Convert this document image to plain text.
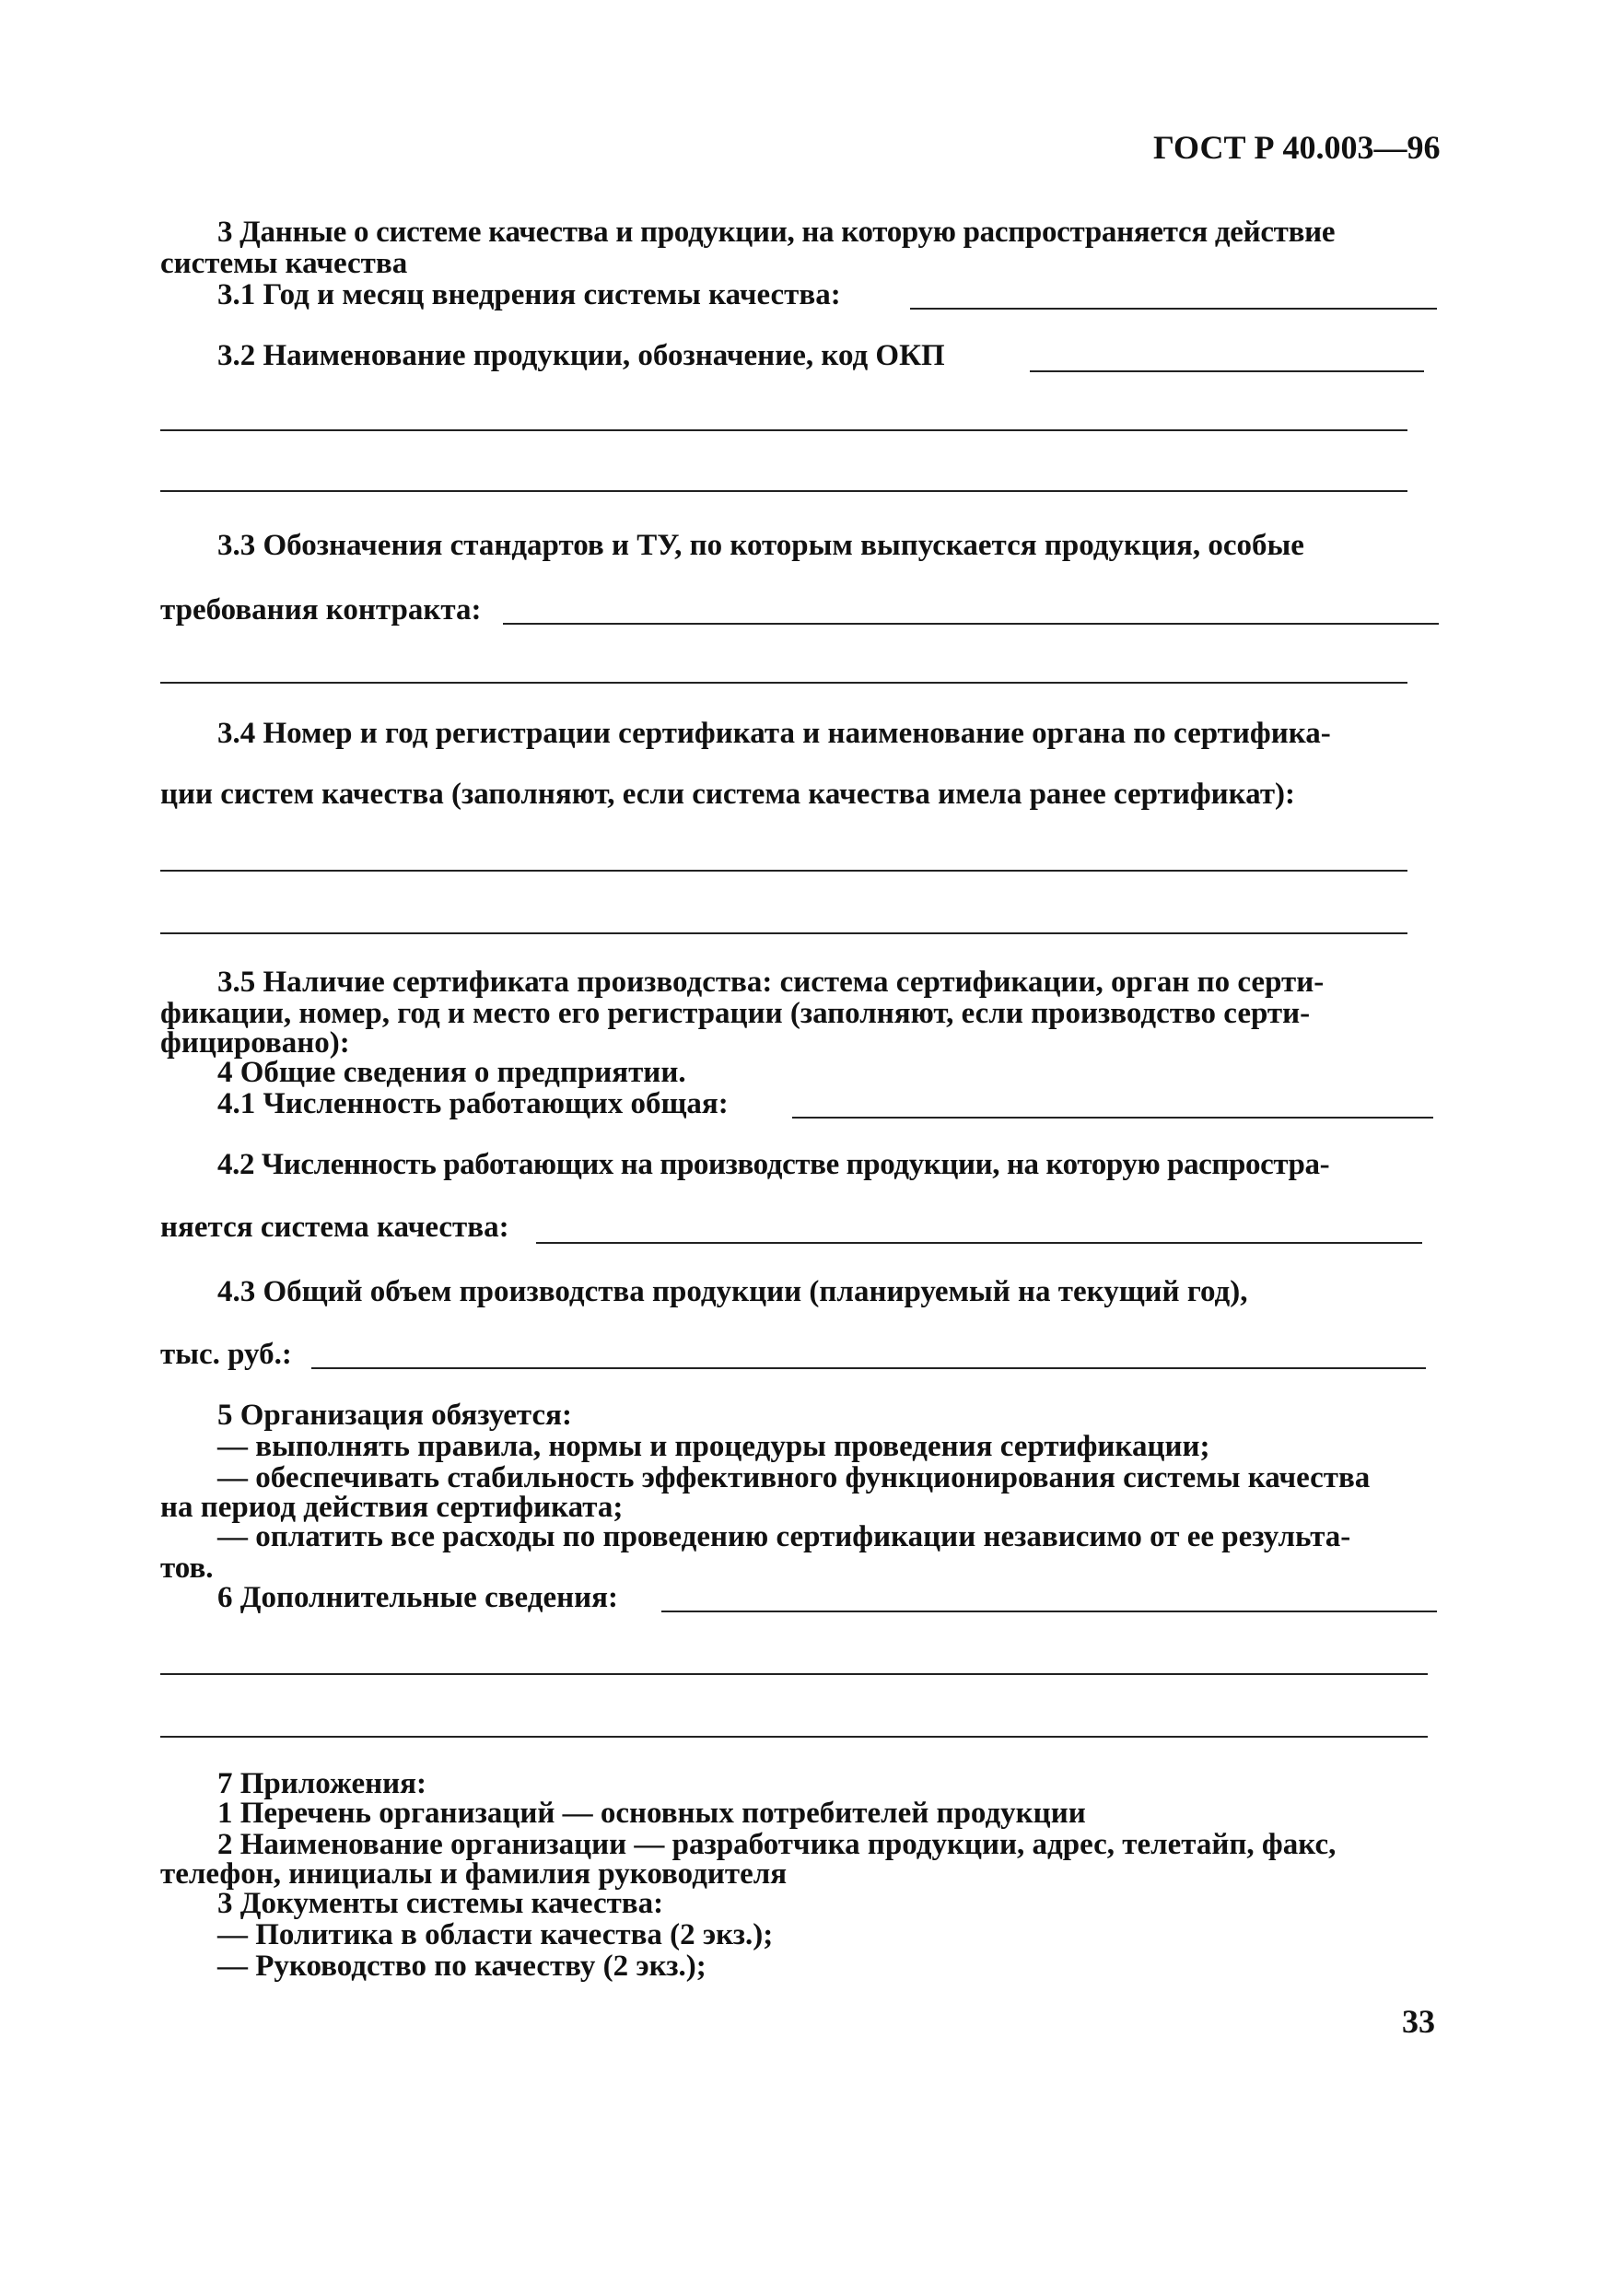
ГОСТ Р 40.003—96
3 Данные о системе качества и продукции, на которую распространяется действие
системы качества
3.1 Год и месяц внедрения системы качества:
3.2 Наименование продукции, обозначение, код ОКП
3.3 Обозначения стандартов и ТУ, по которым выпускается продукция, особые
требования контракта:
3.4 Номер и год регистрации сертификата и наименование органа по сертифика-
ции систем качества (заполняют, если система качества имела ранее сертификат):
3.5 Наличие сертификата производства: система сертификации, орган по серти-
фикации, номер, год и место его регистрации (заполняют, если производство серти-
фицировано):
4 Общие сведения о предприятии.
4.1 Численность работающих общая:
4.2 Численность работающих на производстве продукции, на которую распростра-
няется система качества:
4.3 Общий объем производства продукции (планируемый на текущий год),
тыс. руб.:
5 Организация обязуется:
— выполнять правила, нормы и процедуры проведения сертификации;
— обеспечивать стабильность эффективного функционирования системы качества
на период действия сертификата;
— оплатить все расходы по проведению сертификации независимо от ее результа-
тов.
6 Дополнительные сведения:
7 Приложения:
1 Перечень организаций — основных потребителей продукции
2 Наименование организации — разработчика продукции, адрес, телетайп, факс,
телефон, инициалы и фамилия руководителя
3 Документы системы качества:
— Политика в области качества (2 экз.);
— Руководство по качеству (2 экз.);
33
